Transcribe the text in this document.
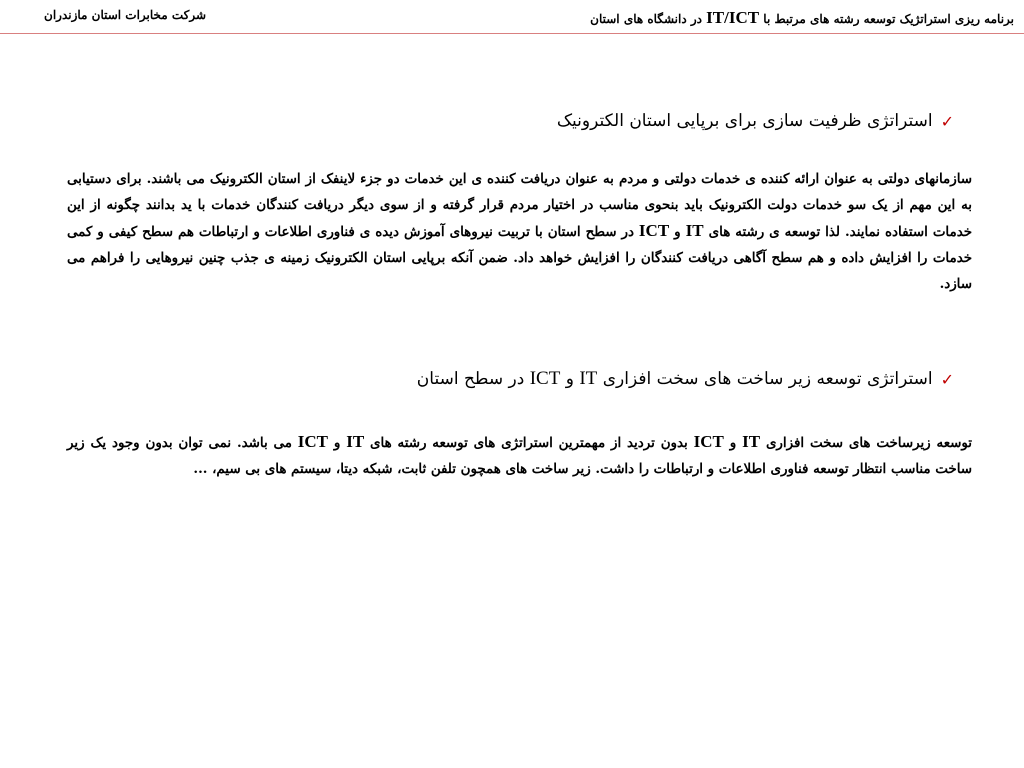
برنامه ریزی استراتژیک توسعه رشته های مرتبط با IT/ICT در دانشگاه های استان
شرکت مخابرات استان مازندران
✓
استراتژی ظرفیت سازی برای برپایی استان الکترونیک
سازمانهای دولتی به عنوان ارائه کننده ی خدمات دولتی و مردم به عنوان دریافت کننده ی این خدمات دو جزء لاینفک از استان الکترونیک می باشند. برای دستیابی به این مهم از یک سو خدمات دولت الکترونیک باید بنحوی مناسب در اختیار مردم قرار گرفته و از سوی دیگر دریافت کنندگان خدمات با ید بدانند چگونه از این خدمات استفاده نمایند. لذا توسعه ی رشته های IT و ICT در سطح استان با تربیت نیروهای آموزش دیده ی فناوری اطلاعات و ارتباطات هم سطح کیفی و کمی خدمات را افزایش داده و هم سطح آگاهی دریافت کنندگان را افزایش خواهد داد. ضمن آنکه برپایی استان الکترونیک زمینه ی جذب چنین نیروهایی را فراهم می سازد.
✓
استراتژی توسعه زیر ساخت های سخت افزاری

IT

و

ICT

در سطح استان
توسعه زیرساخت های سخت افزاری IT و ICT بدون تردید از مهمترین استراتژی های توسعه رشته های IT و ICT می باشد. نمی توان بدون وجود یک زیر ساخت مناسب انتظار توسعه فناوری اطلاعات و ارتباطات را داشت. زیر ساخت های همچون تلفن ثابت، شبکه دیتا، سیستم های بی سیم، ...
